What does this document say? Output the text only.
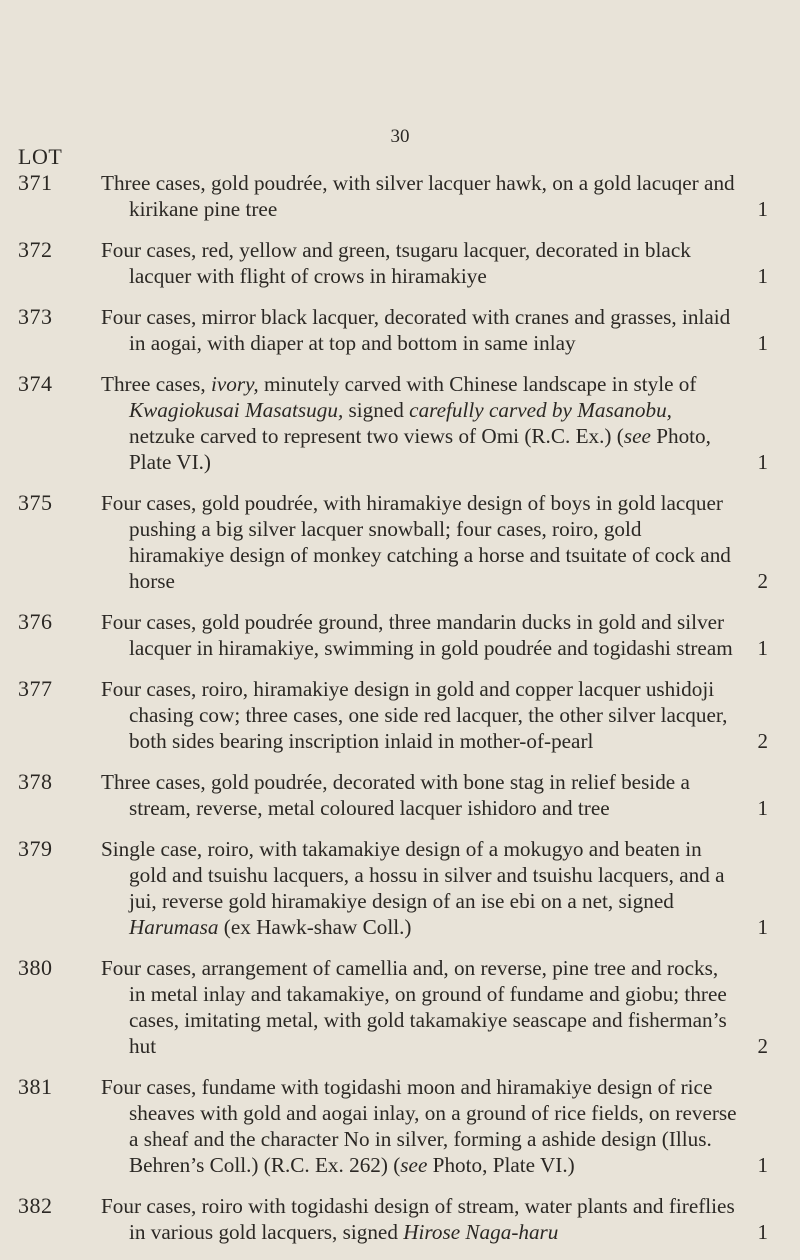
30
LOT
371 Three cases, gold poudrée, with silver lacquer hawk, on a gold lacuqer and kirikane pine tree	1
372 Four cases, red, yellow and green, tsugaru lacquer, decorated in black lacquer with flight of crows in hiramakiye	1
373 Four cases, mirror black lacquer, decorated with cranes and grasses, inlaid in aogai, with diaper at top and bottom in same inlay	1
374 Three cases, ivory, minutely carved with Chinese landscape in style of Kwagiokusai Masatsugu, signed carefully carved by Masanobu, netzuke carved to represent two views of Omi (R.C. Ex.) (see Photo, Plate VI.)	1
375 Four cases, gold poudrée, with hiramakiye design of boys in gold lacquer pushing a big silver lacquer snowball; four cases, roiro, gold hiramakiye design of monkey catching a horse and tsuitate of cock and horse	2
376 Four cases, gold poudrée ground, three mandarin ducks in gold and silver lacquer in hiramakiye, swimming in gold poudrée and togidashi stream 1
377 Four cases, roiro, hiramakiye design in gold and copper lacquer ushidoji chasing cow; three cases, one side red lacquer, the other silver lacquer, both sides bearing inscription inlaid in mother-of-pearl	2
378 Three cases, gold poudrée, decorated with bone stag in relief beside a stream, reverse, metal coloured lacquer ishidoro and tree	1
379 Single case, roiro, with takamakiye design of a mokugyo and beaten in gold and tsuishu lacquers, a hossu in silver and tsuishu lacquers, and a jui, reverse gold hiramakiye design of an ise ebi on a net, signed Harumasa (ex Hawk-shaw Coll.)	1
380 Four cases, arrangement of camellia and, on reverse, pine tree and rocks, in metal inlay and takamakiye, on ground of fundame and giobu; three cases, imitating metal, with gold takamakiye seascape and fisherman’s hut	2
381 Four cases, fundame with togidashi moon and hiramakiye design of rice sheaves with gold and aogai inlay, on a ground of rice fields, on reverse a sheaf and the character No in silver, forming a ashide design (Illus. Behren’s Coll.) (R.C. Ex. 262) (see Photo, Plate VI.)	1
382 Four cases, roiro with togidashi design of stream, water plants and fireflies in various gold lacquers, signed Hirose Naga-haru	1
